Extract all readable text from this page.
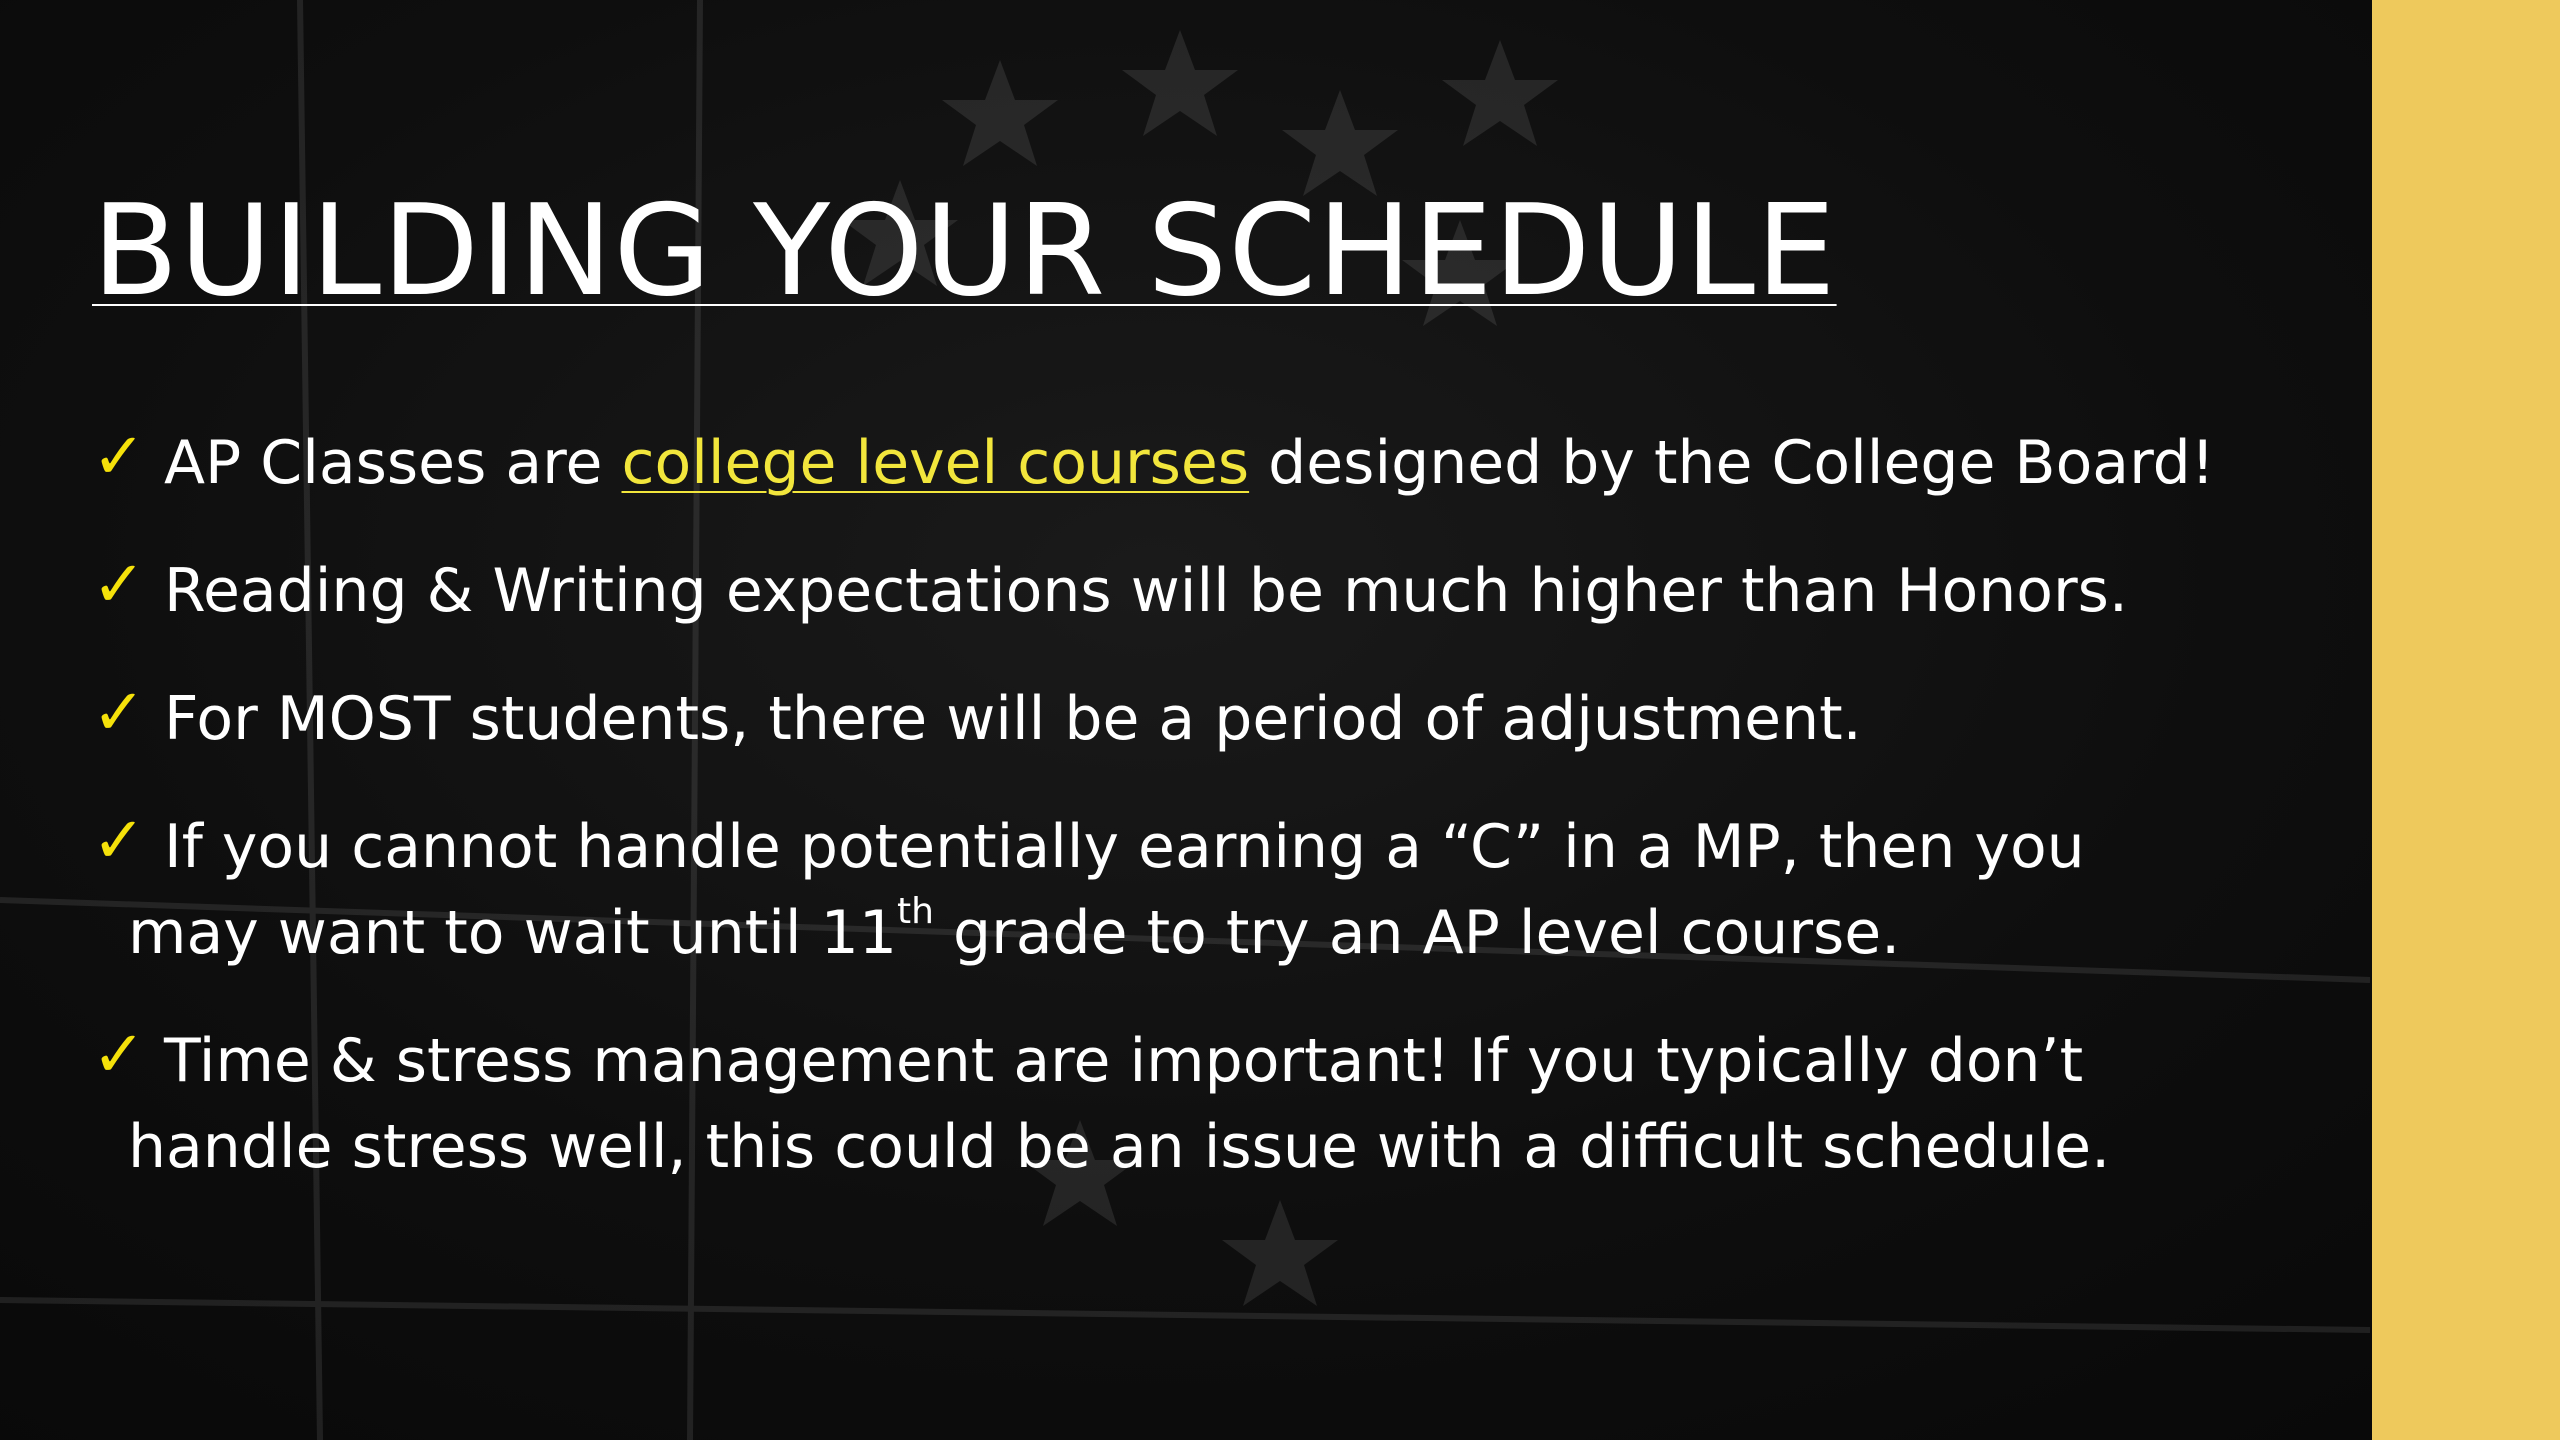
BUILDING YOUR SCHEDULE
✓ AP Classes are college level courses designed by the College Board!
✓ Reading & Writing expectations will be much higher than Honors.
✓ For MOST students, there will be a period of adjustment.
✓ If you cannot handle potentially earning a “C” in a MP, then you
may want to wait until 11th grade to try an AP level course.
✓ Time & stress management are important! If you typically don’t
handle stress well, this could be an issue with a difficult schedule.
